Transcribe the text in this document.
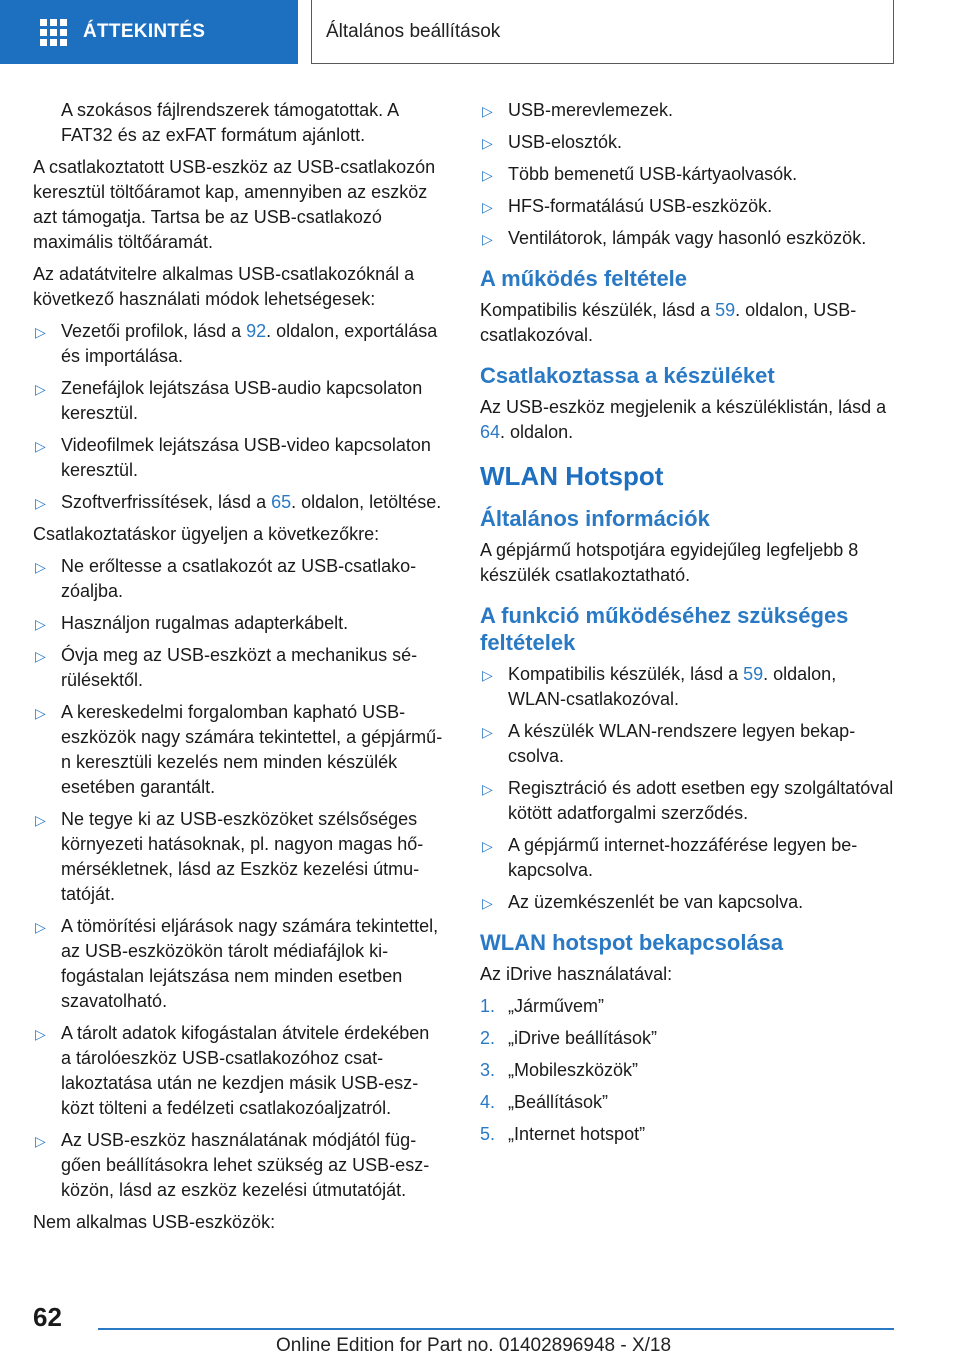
ÁTTEKINTÉS	Általános beállítások

A szokásos fájlrendszerek támogatottak. A FAT32 és az exFAT formátum ajánlott.

A csatlakoztatott USB-eszköz az USB-csatlakozón keresztül töltőáramot kap, amennyiben az eszköz azt támogatja. Tartsa be az USB-csatlakozó maximális töltőáramát.

Az adatátvitelre alkalmas USB-csatlakozóknál a következő használati módok lehetségesek:

▷ Vezetői profilok, lásd a 92. oldalon, exportálása és importálása.
▷ Zenefájlok lejátszása USB-audio kapcsolaton keresztül.
▷ Videofilmek lejátszása USB-video kapcsolaton keresztül.
▷ Szoftverfrissítések, lásd a 65. oldalon, letöltése.

Csatlakoztatáskor ügyeljen a következőkre:

▷ Ne erőltesse a csatlakozót az USB-csatlakozóaljba.
▷ Használjon rugalmas adapterkábelt.
▷ Óvja meg az USB-eszközt a mechanikus sérülésektől.
▷ A kereskedelmi forgalomban kapható USB-eszközök nagy számára tekintettel, a gépjárműn keresztüli kezelés nem minden készülék esetében garantált.
▷ Ne tegye ki az USB-eszközöket szélsőséges környezeti hatásoknak, pl. nagyon magas hőmérsékletnek, lásd az Eszköz kezelési útmutatóját.
▷ A tömörítési eljárások nagy számára tekintettel, az USB-eszközökön tárolt médiafájlok kifogástalan lejátszása nem minden esetben szavatolható.
▷ A tárolt adatok kifogástalan átvitele érdekében a tárolóeszköz USB-csatlakozóhoz csatlakoztatása után ne kezdjen másik USB-eszközt tölteni a fedélzeti csatlakozóaljzatról.
▷ Az USB-eszköz használatának módjától függően beállításokra lehet szükség az USB-eszközön, lásd az eszköz kezelési útmutatóját.

Nem alkalmas USB-eszközök:

▷ USB-merevlemezek.
▷ USB-elosztók.
▷ Több bemenetű USB-kártyaolvasók.
▷ HFS-formatálású USB-eszközök.
▷ Ventilátorok, lámpák vagy hasonló eszközök.
A működés feltétele

Kompatibilis készülék, lásd a 59. oldalon, USB-csatlakozóval.

Csatlakoztassa a készüléket

Az USB-eszköz megjelenik a készüléklistán, lásd a 64. oldalon.

WLAN Hotspot
Általános információk

A gépjármű hotspotjára egyidejűleg legfeljebb 8 készülék csatlakoztatható.

A funkció működéséhez szükséges feltételek
▷ Kompatibilis készülék, lásd a 59. oldalon, WLAN-csatlakozóval.
▷ A készülék WLAN-rendszere legyen bekapcsolva.
▷ Regisztráció és adott esetben egy szolgáltatóval kötött adatforgalmi szerződés.
▷ A gépjármű internet-hozzáférése legyen bekapcsolva.
▷ Az üzemkészenlét be van kapcsolva.
WLAN hotspot bekapcsolása

Az iDrive használatával:

1. „Járművem”
2. „iDrive beállítások”
3. „Mobileszközök”
4. „Beállítások”
5. „Internet hotspot”
62
Online Edition for Part no. 01402896948 - X/18
